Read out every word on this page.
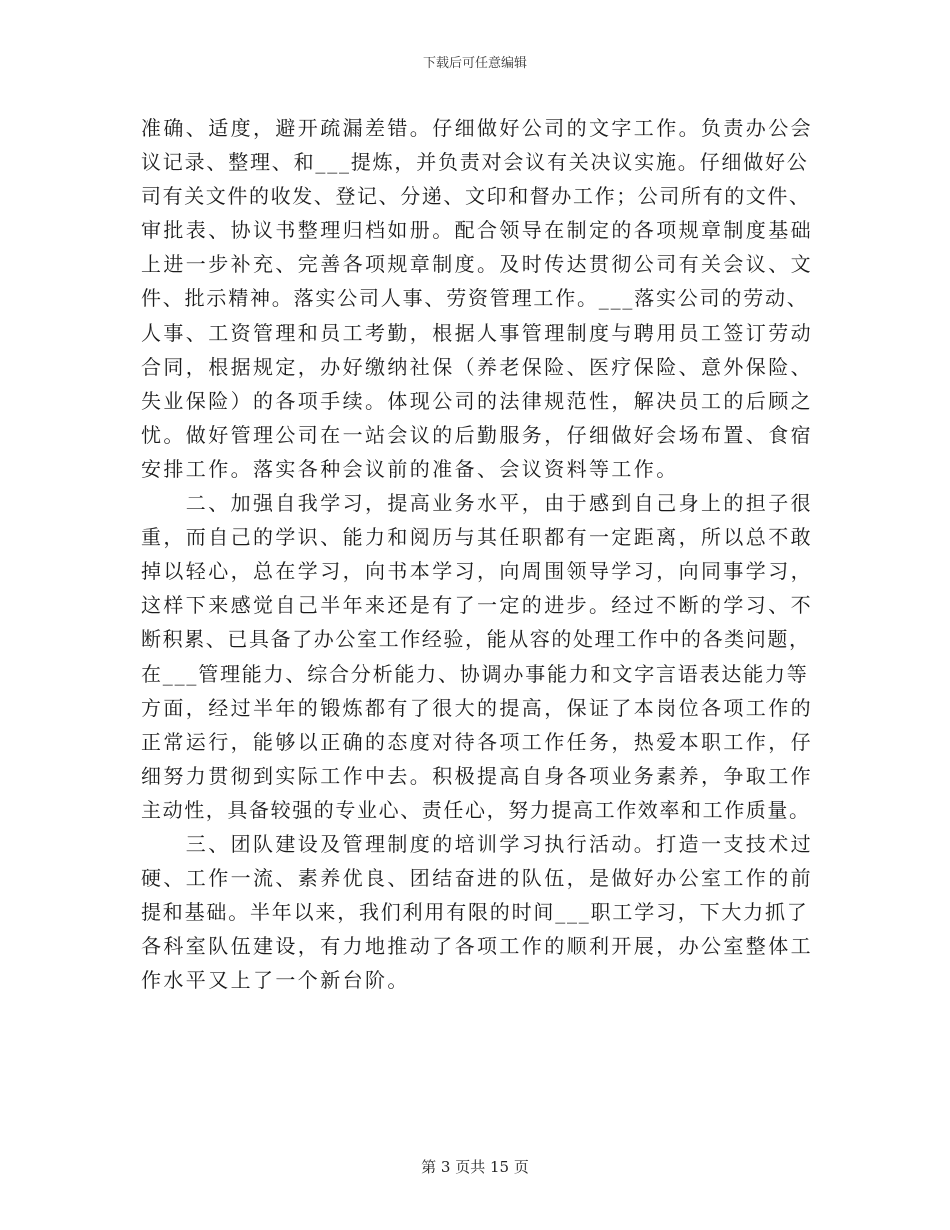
下载后可任意编辑
准确、适度，避开疏漏差错。仔细做好公司的文字工作。负责办公会
议记录、整理、和___提炼，并负责对会议有关决议实施。仔细做好公
司有关文件的收发、登记、分递、文印和督办工作；公司所有的文件、
审批表、协议书整理归档如册。配合领导在制定的各项规章制度基础
上进一步补充、完善各项规章制度。及时传达贯彻公司有关会议、文
件、批示精神。落实公司人事、劳资管理工作。___落实公司的劳动、
人事、工资管理和员工考勤，根据人事管理制度与聘用员工签订劳动
合同，根据规定，办好缴纳社保（养老保险、医疗保险、意外保险、
失业保险）的各项手续。体现公司的法律规范性，解决员工的后顾之
忧。做好管理公司在一站会议的后勤服务，仔细做好会场布置、食宿
安排工作。落实各种会议前的准备、会议资料等工作。
　　二、加强自我学习，提高业务水平，由于感到自己身上的担子很
重，而自己的学识、能力和阅历与其任职都有一定距离，所以总不敢
掉以轻心，总在学习，向书本学习，向周围领导学习，向同事学习，
这样下来感觉自己半年来还是有了一定的进步。经过不断的学习、不
断积累、已具备了办公室工作经验，能从容的处理工作中的各类问题，
在___管理能力、综合分析能力、协调办事能力和文字言语表达能力等
方面，经过半年的锻炼都有了很大的提高，保证了本岗位各项工作的
正常运行，能够以正确的态度对待各项工作任务，热爱本职工作，仔
细努力贯彻到实际工作中去。积极提高自身各项业务素养，争取工作
主动性，具备较强的专业心、责任心，努力提高工作效率和工作质量。
　　三、团队建设及管理制度的培训学习执行活动。打造一支技术过
硬、工作一流、素养优良、团结奋进的队伍，是做好办公室工作的前
提和基础。半年以来，我们利用有限的时间___职工学习，下大力抓了
各科室队伍建设，有力地推动了各项工作的顺利开展，办公室整体工
作水平又上了一个新台阶。
第 3 页共 15 页
